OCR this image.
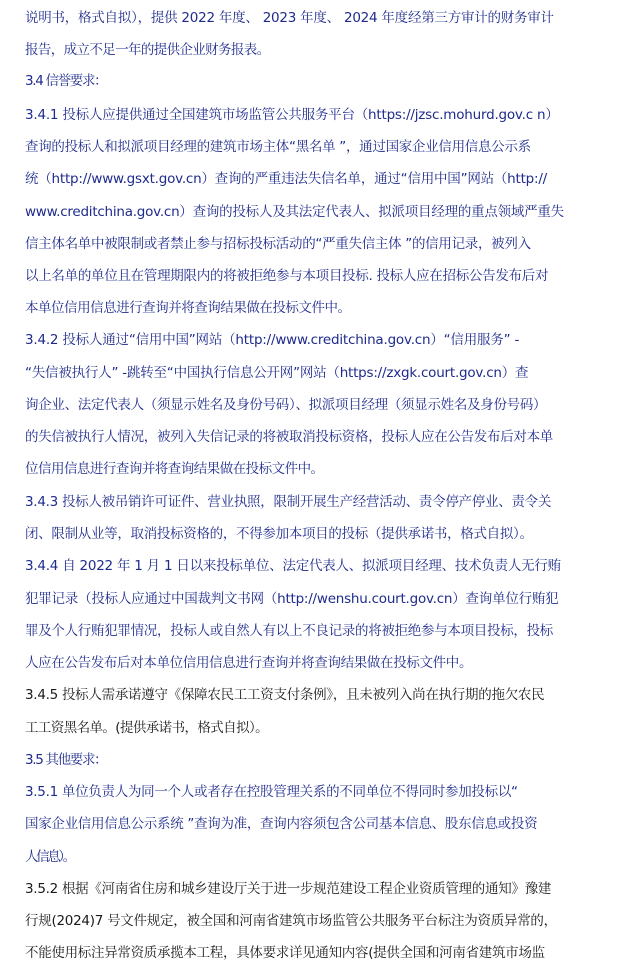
说明书，格式自拟），提供 2022 年度、 2023 年度、 2024 年度经第三方审计的财务审计
报告，成立不足一年的提供企业财务报表。
3.4 信誉要求：
3.4.1 投标人应提供通过全国建筑市场监管公共服务平台（https://jzsc.mohurd.gov.c n）
查询的投标人和拟派项目经理的建筑市场主体“黑名单 ”，通过国家企业信用信息公示系
统（http://www.gsxt.gov.cn）查询的严重违法失信名单，通过“信用中国”网站（http://
www.creditchina.gov.cn）查询的投标人及其法定代表人、拟派项目经理的重点领域严重失
信主体名单中被限制或者禁止参与招标投标活动的“严重失信主体 ”的信用记录，被列入
以上名单的单位且在管理期限内的将被拒绝参与本项目投标. 投标人应在招标公告发布后对
本单位信用信息进行查询并将查询结果做在投标文件中。
3.4.2 投标人通过“信用中国”网站（http://www.creditchina.gov.cn）“信用服务” -
“失信被执行人” -跳转至“中国执行信息公开网”网站（https://zxgk.court.gov.cn）查
询企业、法定代表人（须显示姓名及身份号码）、拟派项目经理（须显示姓名及身份号码）
的失信被执行人情况，被列入失信记录的将被取消投标资格，投标人应在公告发布后对本单
位信用信息进行查询并将查询结果做在投标文件中。
3.4.3 投标人被吊销许可证件、营业执照，限制开展生产经营活动、责令停产停业、责令关
闭、限制从业等，取消投标资格的，不得参加本项目的投标（提供承诺书，格式自拟）。
3.4.4 自 2022 年 1 月 1 日以来投标单位、法定代表人、拟派项目经理、技术负责人无行贿
犯罪记录（投标人应通过中国裁判文书网（http://wenshu.court.gov.cn）查询单位行贿犯
罪及个人行贿犯罪情况，投标人或自然人有以上不良记录的将被拒绝参与本项目投标，投标
人应在公告发布后对本单位信用信息进行查询并将查询结果做在投标文件中。
3.4.5 投标人需承诺遵守《保障农民工工资支付条例》，且未被列入尚在执行期的拖欠农民
工工资黑名单。(提供承诺书，格式自拟）。
3.5 其他要求：
3.5.1 单位负责人为同一个人或者存在控股管理关系的不同单位不得同时参加投标以“
国家企业信用信息公示系统 ”查询为准，查询内容须包含公司基本信息、股东信息或投资
人信息）。
3.5.2 根据《河南省住房和城乡建设厅关于进一步规范建设工程企业资质管理的通知》豫建
行规(2024)7 号文件规定，被全国和河南省建筑市场监管公共服务平台标注为资质异常的，
不能使用标注异常资质承揽本工程，具体要求详见通知内容(提供全国和河南省建筑市场监
